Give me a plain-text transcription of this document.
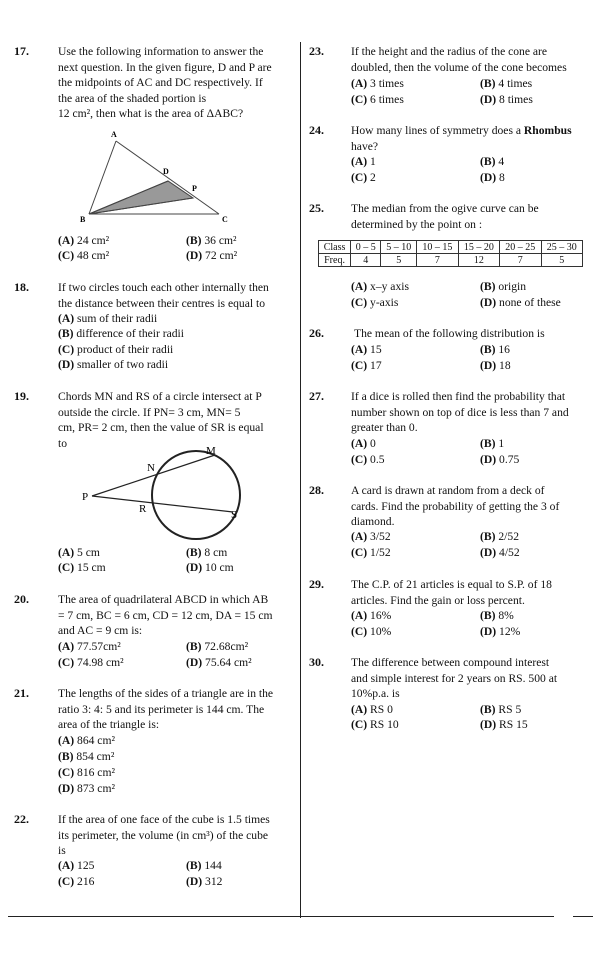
17.	Use the following information to answer the
next question. In the given figure, D and P are
the midpoints of AC and DC respectively. If
the area of the shaded portion is
12 cm², then what is the area of ΔABC?
A
B	C
D
P
(A) 24 cm²	(B) 36 cm²
(C) 48 cm²	(D) 72 cm²
18.	If two circles touch each other internally then
the distance between their centres is equal to
(A) sum of their radii
(B) difference of their radii
(C) product of their radii
(D) smaller of two radii
19.	Chords MN and RS of a circle intersect at P
outside the circle. If PN= 3 cm, MN= 5
cm, PR= 2 cm, then the value of SR is equal
to
P
N
M
R	S
(A) 5 cm	(B) 8 cm
(C) 15 cm	(D) 10 cm
20.	The area of quadrilateral ABCD in which AB
= 7 cm, BC = 6 cm, CD = 12 cm, DA = 15 cm
and AC = 9 cm is:
(A) 77.57cm²	(B) 72.68cm²
(C) 74.98 cm²	(D) 75.64 cm²
21.	The lengths of the sides of a triangle are in the
ratio 3: 4: 5 and its perimeter is 144 cm. The
area of the triangle is:
(A) 864 cm²
(B) 854 cm²
(C) 816 cm²
(D) 873 cm²
22.	If the area of one face of the cube is 1.5 times
its perimeter, the volume (in cm³) of the cube
is
(A) 125	(B) 144
(C) 216	(D) 312
23. If the height and the radius of the cone are
doubled, then the volume of the cone becomes
(A) 3 times	(B) 4 times
(C) 6 times	(D) 8 times
24. How many lines of symmetry does a Rhombus
have?
(A) 1	(B) 4
(C) 2	(D) 8
25. The median from the ogive curve can be
determined by the point on :
Class	0 – 5	5 – 10	10 – 15	15 – 20	20 – 25	25 – 30
Freq.	4	5	7	12	7	5
(A) x–y axis	(B) origin
(C) y-axis	(D) none of these
26.	The mean of the following distribution is
(A) 15	(B) 16
(C) 17	(D) 18
27. If a dice is rolled then find the probability that
number shown on top of dice is less than 7 and
greater than 0.
(A) 0	(B) 1
(C) 0.5	(D) 0.75
28. A card is drawn at random from a deck of
cards. Find the probability of getting the 3 of
diamond.
(A) 3/52	(B) 2/52
(C) 1/52	(D) 4/52
29. The C.P. of 21 articles is equal to S.P. of 18
articles. Find the gain or loss percent.
(A) 16%	(B) 8%
(C) 10%	(D) 12%
30. The difference between compound interest
and simple interest for 2 years on RS. 500 at
10%p.a. is
(A) RS 0	(B) RS 5
(C) RS 10	(D) RS 15
